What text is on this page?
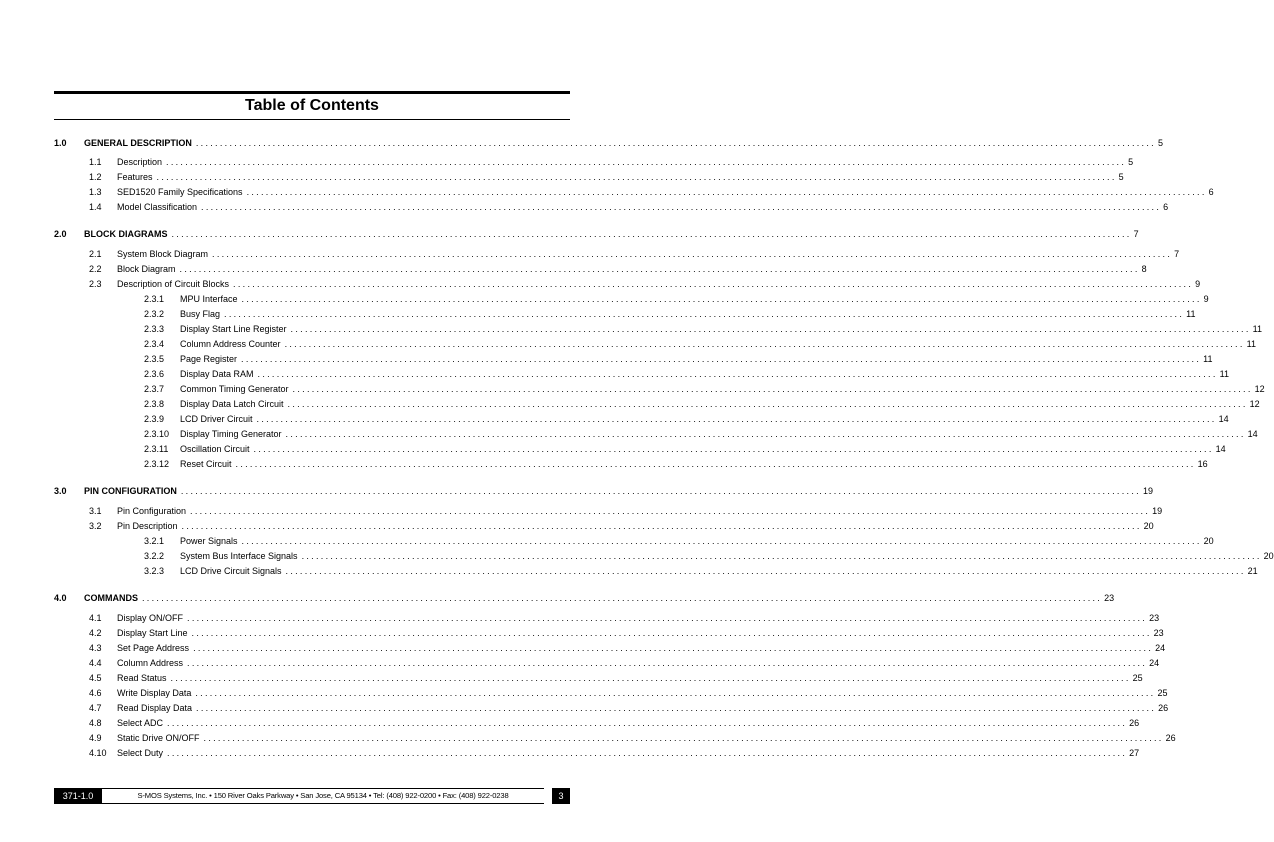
Table of Contents
1.0	GENERAL DESCRIPTION ........................................................................................................................................................................................................ 5
1.1	Description ........................................................................................................................................................................................................ 5
1.2	Features ........................................................................................................................................................................................................ 5
1.3	SED1520 Family Specifications ........................................................................................................................................................................................................ 6
1.4	Model Classification ........................................................................................................................................................................................................ 6
2.0	BLOCK DIAGRAMS ........................................................................................................................................................................................................ 7
2.1	System Block Diagram ........................................................................................................................................................................................................ 7
2.2	Block Diagram ........................................................................................................................................................................................................ 8
2.3	Description of Circuit Blocks ........................................................................................................................................................................................................ 9
2.3.1	MPU Interface ........................................................................................................................................................................................................ 9
2.3.2	Busy Flag ........................................................................................................................................................................................................ 11
2.3.3	Display Start Line Register ........................................................................................................................................................................................................ 11
2.3.4	Column Address Counter ........................................................................................................................................................................................................ 11
2.3.5	Page Register ........................................................................................................................................................................................................ 11
2.3.6	Display Data RAM ........................................................................................................................................................................................................ 11
2.3.7	Common Timing Generator ........................................................................................................................................................................................................ 12
2.3.8	Display Data Latch Circuit ........................................................................................................................................................................................................ 12
2.3.9	LCD Driver Circuit ........................................................................................................................................................................................................ 14
2.3.10	Display Timing Generator ........................................................................................................................................................................................................ 14
2.3.11	Oscillation Circuit ........................................................................................................................................................................................................ 14
2.3.12	Reset Circuit ........................................................................................................................................................................................................ 16
3.0	PIN CONFIGURATION ........................................................................................................................................................................................................ 19
3.1	Pin Configuration ........................................................................................................................................................................................................ 19
3.2	Pin Description ........................................................................................................................................................................................................ 20
3.2.1	Power Signals ........................................................................................................................................................................................................ 20
3.2.2	System Bus Interface Signals ........................................................................................................................................................................................................ 20
3.2.3	LCD Drive Circuit Signals ........................................................................................................................................................................................................ 21
4.0	COMMANDS ........................................................................................................................................................................................................ 23
4.1	Display ON/OFF ........................................................................................................................................................................................................ 23
4.2	Display Start Line ........................................................................................................................................................................................................ 23
4.3	Set Page Address ........................................................................................................................................................................................................ 24
4.4	Column Address ........................................................................................................................................................................................................ 24
4.5	Read Status ........................................................................................................................................................................................................ 25
4.6	Write Display Data ........................................................................................................................................................................................................ 25
4.7	Read Display Data ........................................................................................................................................................................................................ 26
4.8	Select ADC ........................................................................................................................................................................................................ 26
4.9	Static Drive ON/OFF ........................................................................................................................................................................................................ 26
4.10	Select Duty ........................................................................................................................................................................................................ 27
371-1.0	S-MOS Systems, Inc. • 150 River Oaks Parkway • San Jose, CA 95134 • Tel: (408) 922-0200 • Fax: (408) 922-0238	3
